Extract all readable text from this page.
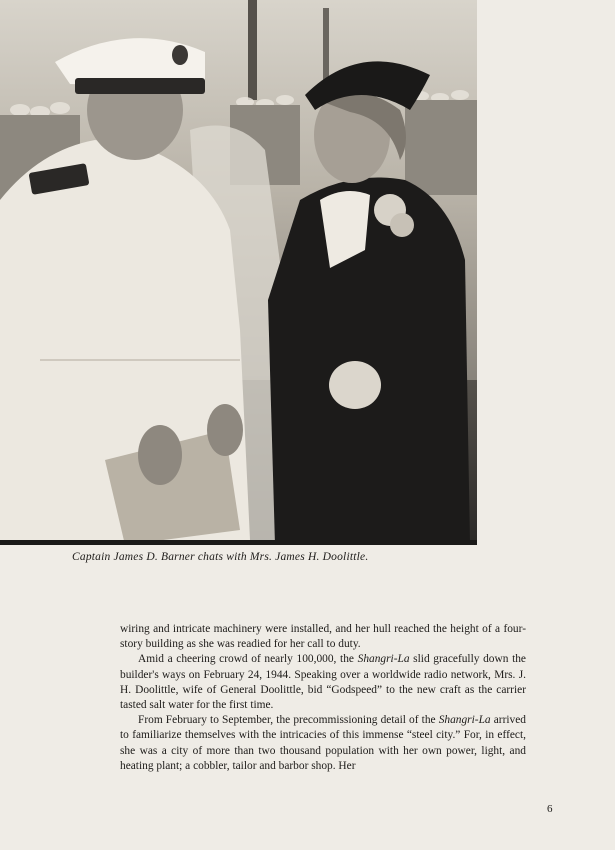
Captain James D. Barner chats with Mrs. James H. Doolittle.

wiring and intricate machinery were installed, and her hull reached the height of a four-story building as she was readied for her call to duty.

Amid a cheering crowd of nearly 100,000, the Shangri-La slid gracefully down the builder's ways on February 24, 1944. Speaking over a worldwide radio network, Mrs. J. H. Doolittle, wife of General Doolittle, bid “Godspeed” to the new craft as the carrier tasted salt water for the first time.

From February to September, the precommissioning detail of the Shangri-La arrived to familiarize themselves with the intricacies of this immense “steel city.” For, in effect, she was a city of more than two thousand population with her own power, light, and heating plant; a cobbler, tailor and barbor shop. Her

6
